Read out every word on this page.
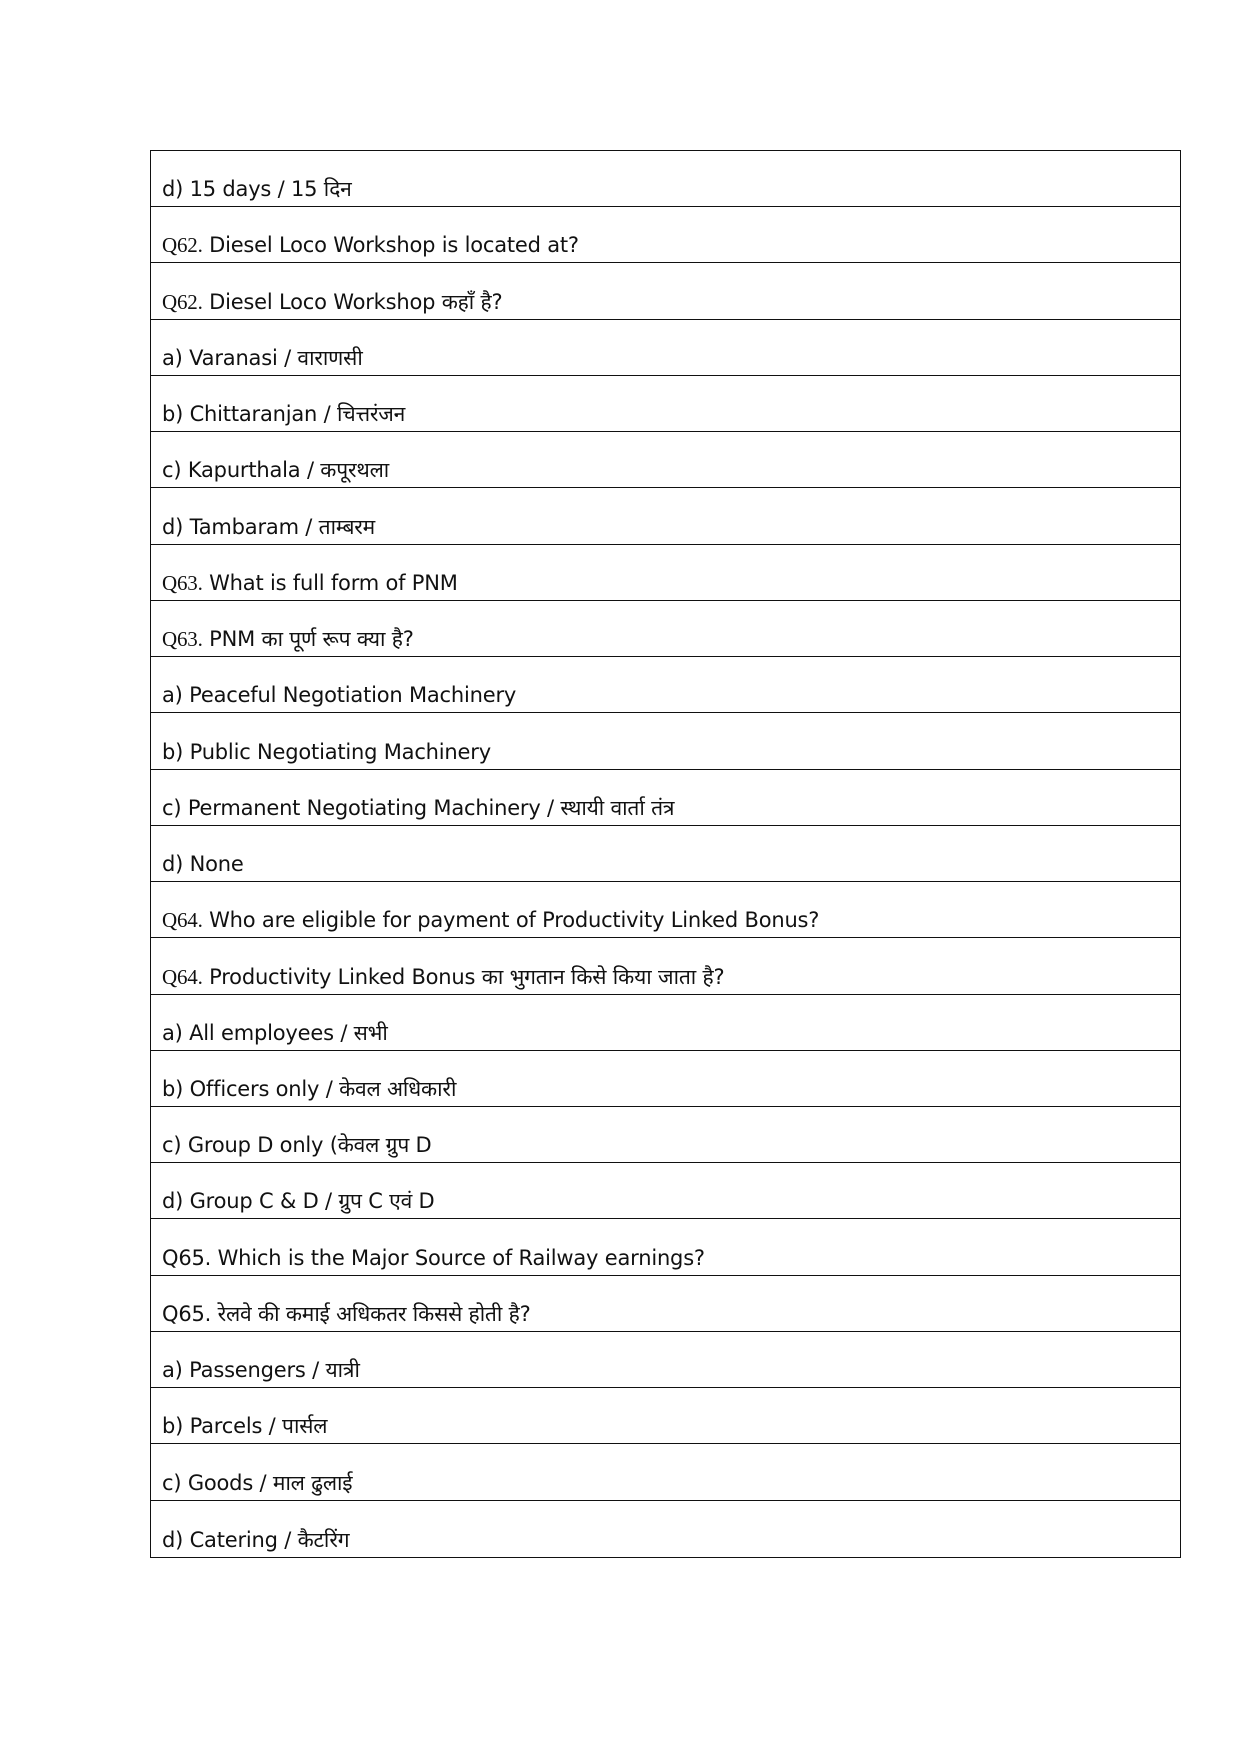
d) 15 days / 15 दिन
Q62. Diesel Loco Workshop is located at?
Q62. Diesel Loco Workshop कहाँ है?
a) Varanasi / वाराणसी
b) Chittaranjan / चित्तरंजन
c) Kapurthala / कपूरथला
d) Tambaram / ताम्बरम
Q63. What is full form of PNM
Q63. PNM का पूर्ण रूप क्या है?
a) Peaceful Negotiation Machinery
b) Public Negotiating Machinery
c) Permanent Negotiating Machinery / स्थायी वार्ता तंत्र
d) None
Q64. Who are eligible for payment of Productivity Linked Bonus?
Q64. Productivity Linked Bonus का भुगतान किसे किया जाता है?
a) All employees / सभी
b) Officers only / केवल अधिकारी
c) Group D only (केवल ग्रुप D
d) Group C & D / ग्रुप C एवं D
Q65. Which is the Major Source of Railway earnings?
Q65. रेलवे की कमाई अधिकतर किससे होती है?
a) Passengers / यात्री
b) Parcels / पार्सल
c) Goods / माल ढुलाई
d) Catering / कैटरिंग
